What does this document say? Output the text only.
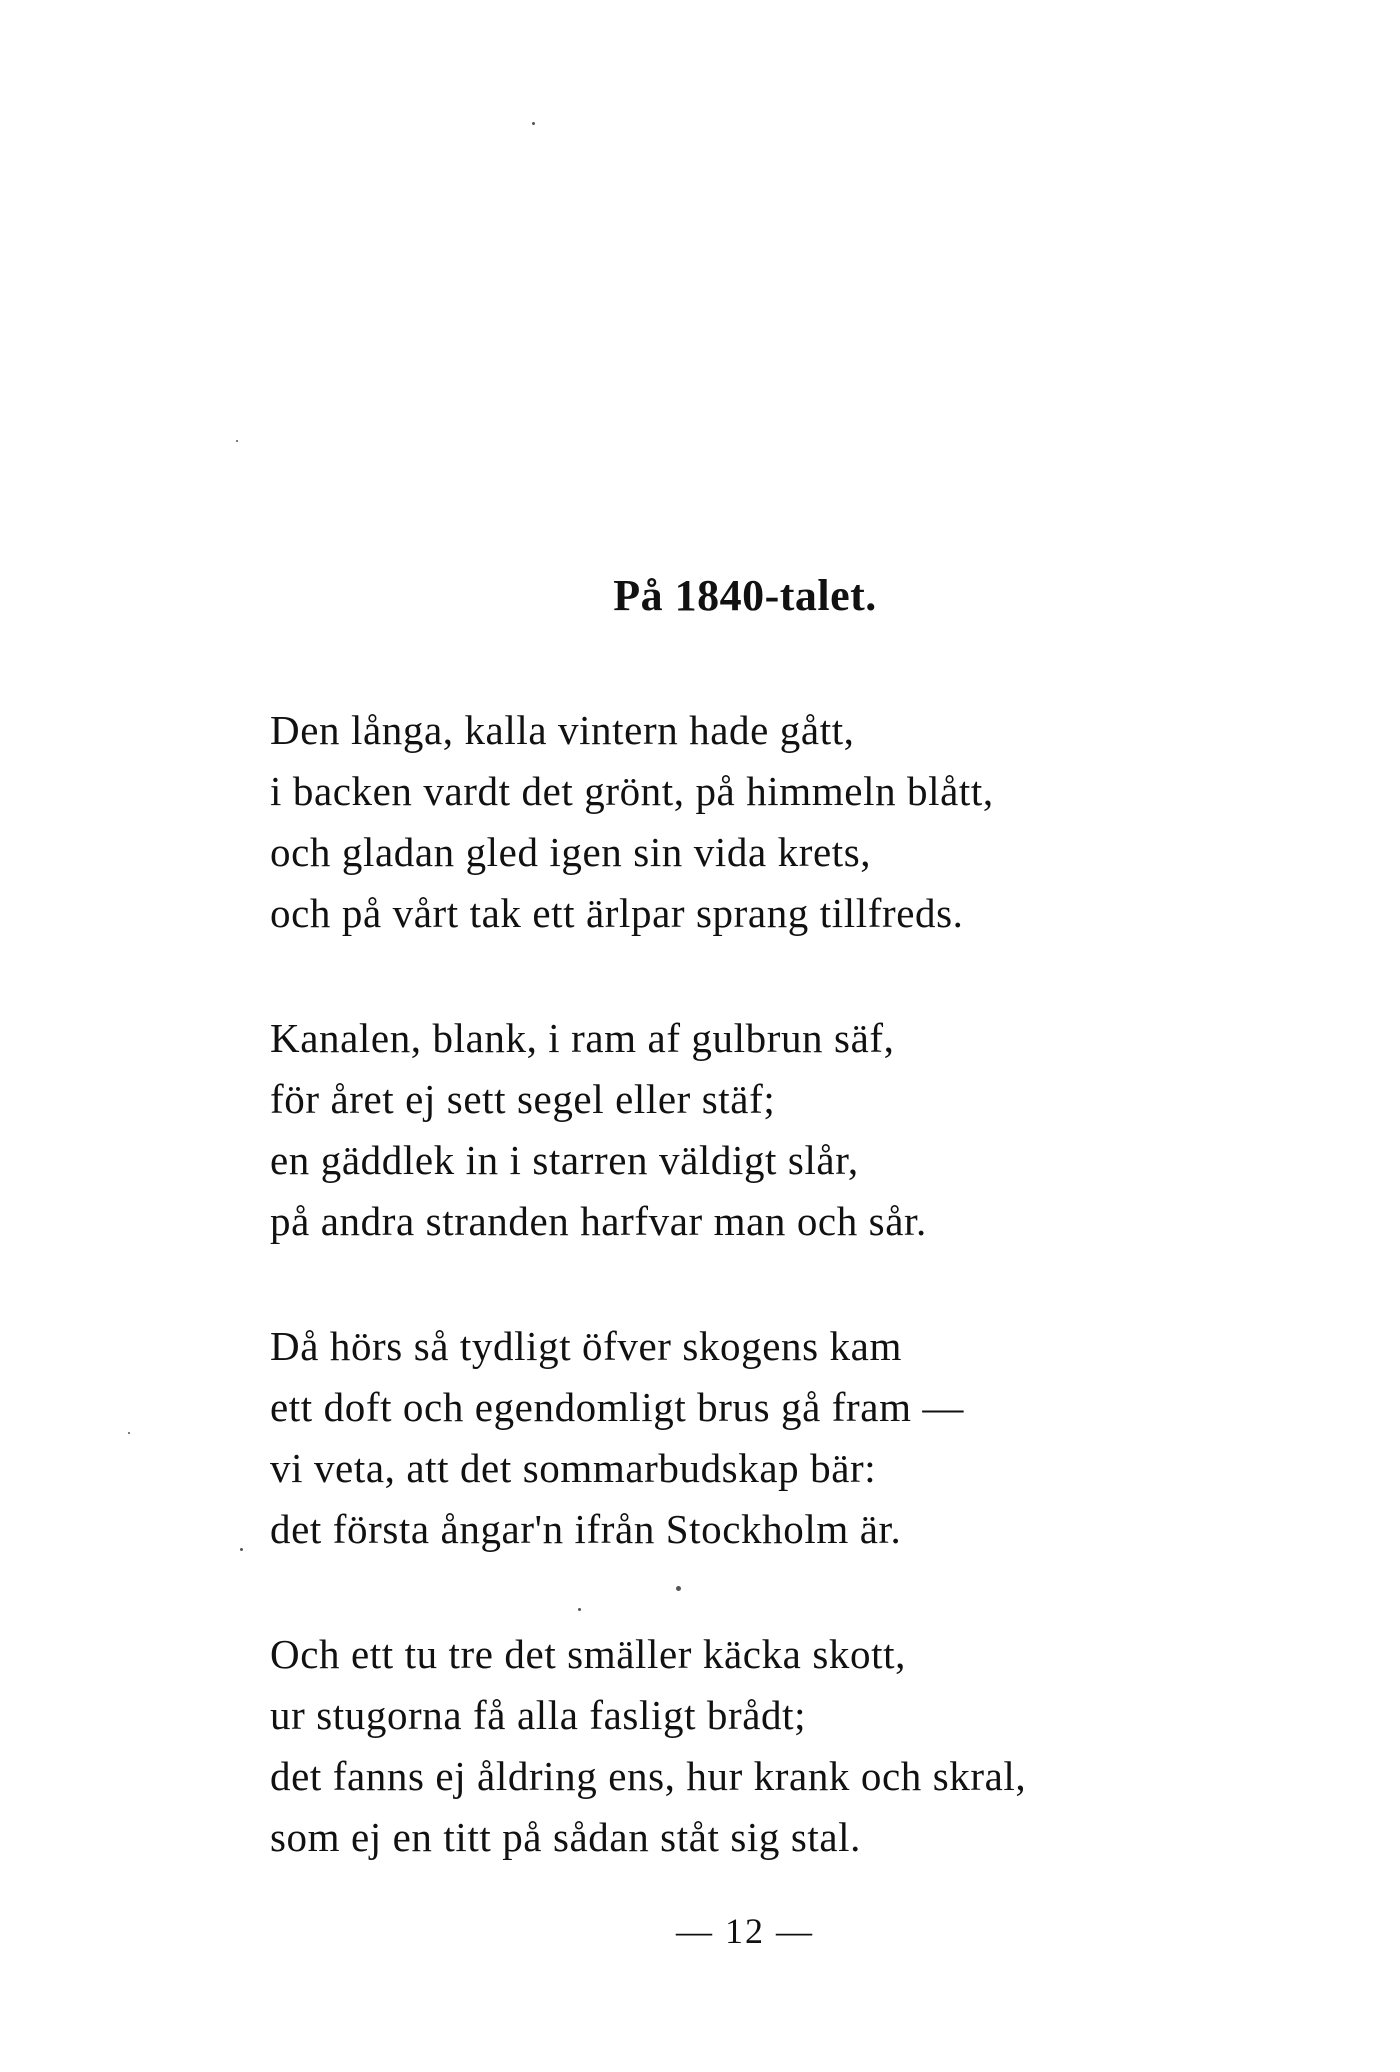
På 1840-talet.
Den långa, kalla vintern hade gått,
i backen vardt det grönt, på himmeln blått,
och gladan gled igen sin vida krets,
och på vårt tak ett ärlpar sprang tillfreds.
Kanalen, blank, i ram af gulbrun säf,
för året ej sett segel eller stäf;
en gäddlek in i starren väldigt slår,
på andra stranden harfvar man och sår.
Då hörs så tydligt öfver skogens kam
ett doft och egendomligt brus gå fram —
vi veta, att det sommarbudskap bär:
det första ångar'n ifrån Stockholm är.
Och ett tu tre det smäller käcka skott,
ur stugorna få alla fasligt brådt;
det fanns ej åldring ens, hur krank och skral,
som ej en titt på sådan ståt sig stal.
— 12 —
